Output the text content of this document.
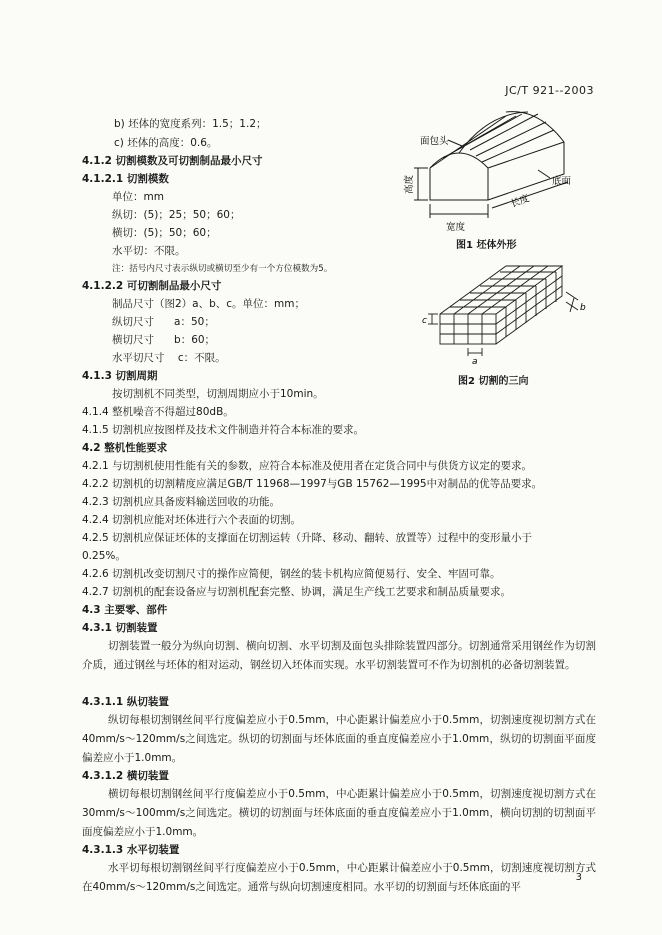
JC/T 921--2003
b) 坯体的宽度系列：1.5；1.2；
c) 坯体的高度：0.6。
4.1.2 切割模数及可切割制品最小尺寸
4.1.2.1 切割模数
单位：mm
纵切：(5)；25；50；60；
横切：(5)；50；60；
水平切：不限。
注：括号内尺寸表示纵切或横切至少有一个方位模数为5。
4.1.2.2 可切割制品最小尺寸
制品尺寸（图2）a、b、c。单位：mm；
纵切尺寸      a：50；
横切尺寸      b：60；
水平切尺寸    c：不限。
4.1.3 切割周期
按切割机不同类型，切割周期应小于10min。
4.1.4 整机噪音不得超过80dB。
4.1.5 切割机应按图样及技术文件制造并符合本标准的要求。
4.2 整机性能要求
4.2.1 与切割机使用性能有关的参数，应符合本标准及使用者在定货合同中与供货方议定的要求。
4.2.2 切割机的切割精度应满足GB/T 11968—1997与GB 15762—1995中对制品的优等品要求。
4.2.3 切割机应具备废料输送回收的功能。
4.2.4 切割机应能对坯体进行六个表面的切割。
4.2.5 切割机应保证坯体的支撑面在切割运转（升降、移动、翻转、放置等）过程中的变形量小于
0.25%。
4.2.6 切割机改变切割尺寸的操作应简便，钢丝的装卡机构应简便易行、安全、牢固可靠。
4.2.7 切割机的配套设备应与切割机配套完整、协调，满足生产线工艺要求和制品质量要求。
4.3 主要零、部件
4.3.1 切割装置
切割装置一般分为纵向切割、横向切割、水平切割及面包头排除装置四部分。切割通常采用钢丝作为切割介质，通过钢丝与坯体的相对运动，钢丝切入坯体而实现。水平切割装置可不作为切割机的必备切割装置。
4.3.1.1 纵切装置
纵切每根切割钢丝间平行度偏差应小于0.5mm，中心距累计偏差应小于0.5mm，切割速度视切割方式在40mm/s～120mm/s之间选定。纵切的切割面与坯体底面的垂直度偏差应小于1.0mm，纵切的切割面平面度偏差应小于1.0mm。
4.3.1.2 横切装置
横切每根切割钢丝间平行度偏差应小于0.5mm，中心距累计偏差应小于0.5mm，切割速度视切割方式在30mm/s～100mm/s之间选定。横切的切割面与坯体底面的垂直度偏差应小于1.0mm，横向切割的切割面平面度偏差应小于1.0mm。
4.3.1.3 水平切装置
水平切每根切割钢丝间平行度偏差应小于0.5mm，中心距累计偏差应小于0.5mm，切割速度视切割方式在40mm/s～120mm/s之间选定。通常与纵向切割速度相同。水平切的切割面与坯体底面的平
面包头
高度
宽度
长度
底面
图1 坯体外形
c
a
b
图2 切割的三向
3
